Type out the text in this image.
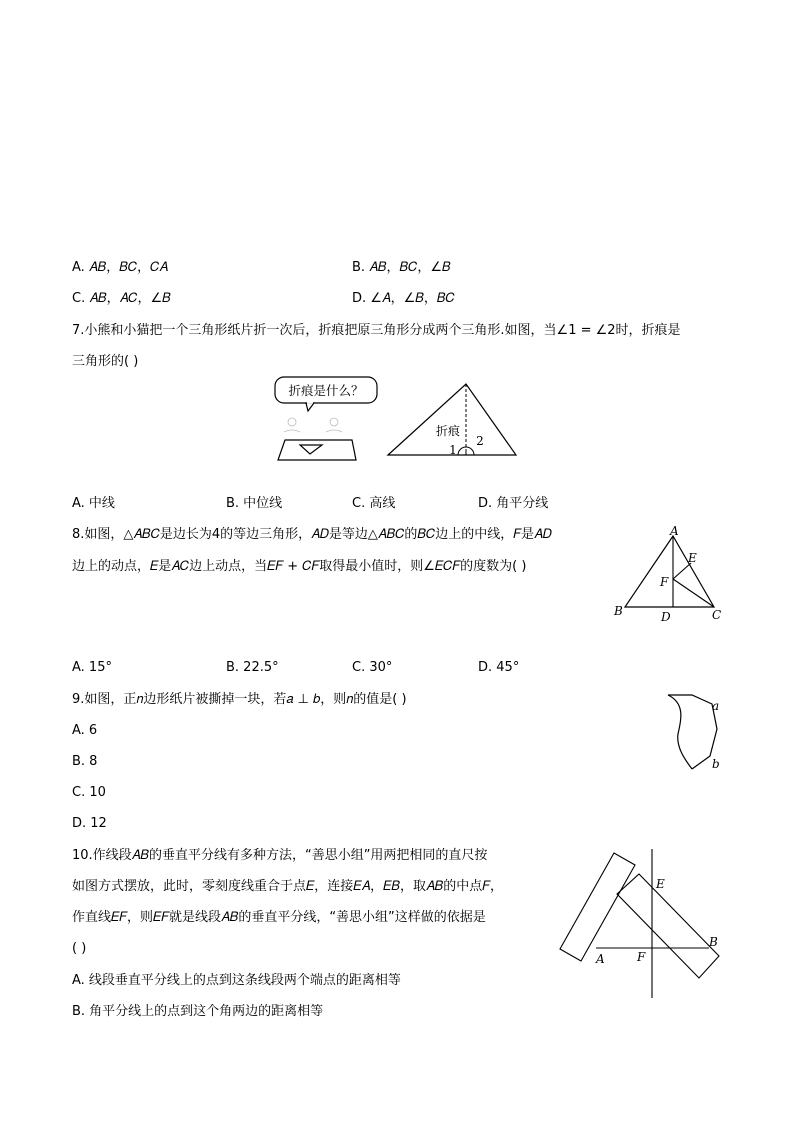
A. 𝐴𝐵，𝐵𝐶，𝐶𝐴	B. 𝐴𝐵，𝐵𝐶，∠𝐵
C. 𝐴𝐵，𝐴𝐶，∠𝐵	D. ∠𝐴，∠𝐵，𝐵𝐶
7.小熊和小猫把一个三角形纸片折一次后，折痕把原三角形分成两个三角形.如图，当∠1 = ∠2时，折痕是
三角形的( )
折痕是什么？
折痕
1
2
A. 中线	B. 中位线	C. 高线	D. 角平分线
8.如图，△𝐴𝐵𝐶是边长为4的等边三角形，𝐴𝐷是等边△𝐴𝐵𝐶的𝐵𝐶边上的中线，𝐹是𝐴𝐷
边上的动点，𝐸是𝐴𝐶边上动点，当𝐸𝐹 + 𝐶𝐹取得最小值时，则∠𝐸𝐶𝐹的度数为( )
A
B	C
D
E
F
A. 15°	B. 22.5°	C. 30°	D. 45°
9.如图，正𝑛边形纸片被撕掉一块，若𝑎 ⊥ 𝑏，则𝑛的值是( )	a
b
A. 6
B. 8
C. 10
D. 12
10.作线段𝐴𝐵的垂直平分线有多种方法，“善思小组”用两把相同的直尺按
如图方式摆放，此时，零刻度线重合于点𝐸，连接𝐸𝐴，𝐸𝐵，取𝐴𝐵的中点𝐹，
作直线𝐸𝐹，则𝐸𝐹就是线段𝐴𝐵的垂直平分线，“善思小组”这样做的依据是
( )
A
B
E
F
A. 线段垂直平分线上的点到这条线段两个端点的距离相等
B. 角平分线上的点到这个角两边的距离相等
